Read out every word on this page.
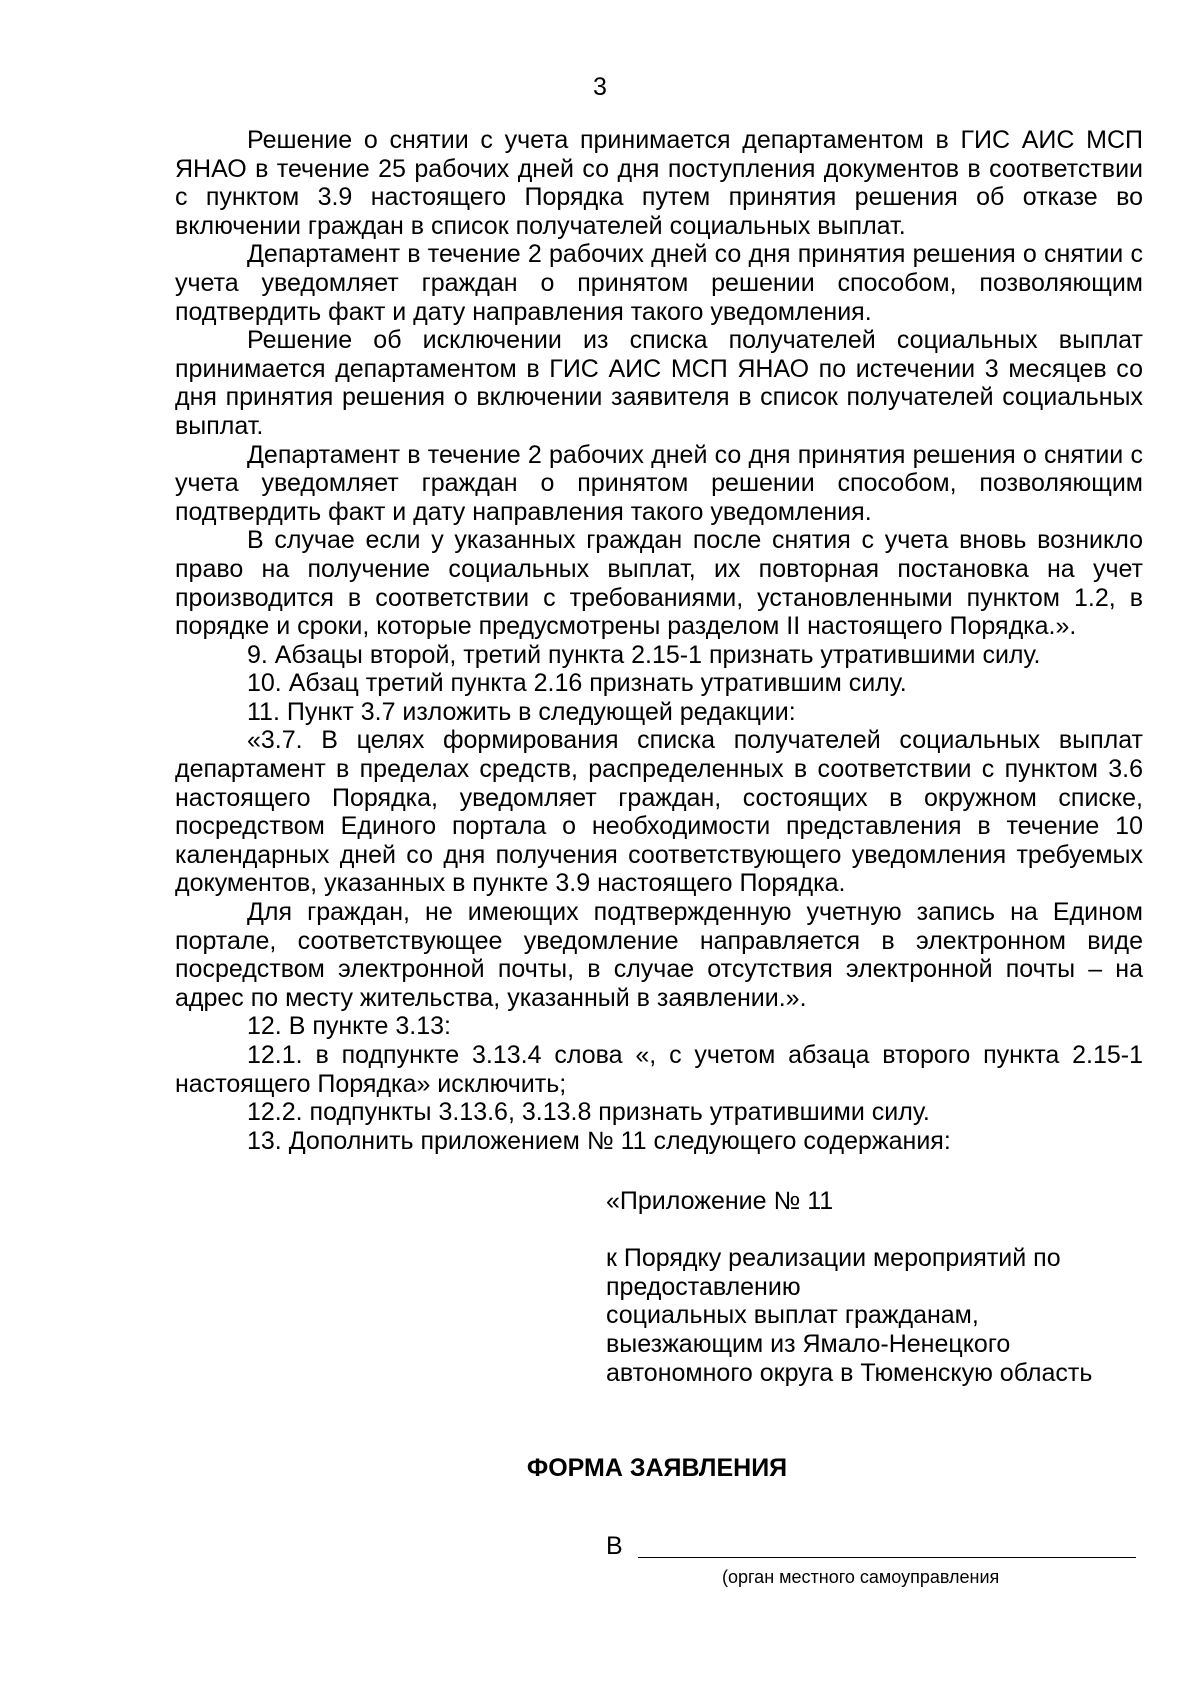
3

Решение о снятии с учета принимается департаментом в ГИС АИС МСП ЯНАО в течение 25 рабочих дней со дня поступления документов в соответствии с пунктом 3.9 настоящего Порядка путем принятия решения об отказе во включении граждан в список получателей социальных выплат.

Департамент в течение 2 рабочих дней со дня принятия решения о снятии с учета уведомляет граждан о принятом решении способом, позволяющим подтвердить факт и дату направления такого уведомления.

Решение об исключении из списка получателей социальных выплат принимается департаментом в ГИС АИС МСП ЯНАО по истечении 3 месяцев со дня принятия решения о включении заявителя в список получателей социальных выплат.

Департамент в течение 2 рабочих дней со дня принятия решения о снятии с учета уведомляет граждан о принятом решении способом, позволяющим подтвердить факт и дату направления такого уведомления.

В случае если у указанных граждан после снятия с учета вновь возникло право на получение социальных выплат, их повторная постановка на учет производится в соответствии с требованиями, установленными пунктом 1.2, в порядке и сроки, которые предусмотрены разделом II настоящего Порядка.».

9. Абзацы второй, третий пункта 2.15-1 признать утратившими силу.

10. Абзац третий пункта 2.16 признать утратившим силу.

11. Пункт 3.7 изложить в следующей редакции:

«3.7. В целях формирования списка получателей социальных выплат департамент в пределах средств, распределенных в соответствии с пунктом 3.6 настоящего Порядка, уведомляет граждан, состоящих в окружном списке, посредством Единого портала о необходимости представления в течение 10 календарных дней со дня получения соответствующего уведомления требуемых документов, указанных в пункте 3.9 настоящего Порядка.

Для граждан, не имеющих подтвержденную учетную запись на Едином портале, соответствующее уведомление направляется в электронном виде посредством электронной почты, в случае отсутствия электронной почты – на адрес по месту жительства, указанный в заявлении.».

12. В пункте 3.13:

12.1. в подпункте 3.13.4 слова «, с учетом абзаца второго пункта 2.15-1 настоящего Порядка» исключить;

12.2. подпункты 3.13.6, 3.13.8 признать утратившими силу.

13. Дополнить приложением № 11 следующего содержания:

«Приложение № 11
к Порядку реализации мероприятий по
предоставлению
социальных выплат гражданам,
выезжающим из Ямало-Ненецкого
автономного округа в Тюменскую область
ФОРМА ЗАЯВЛЕНИЯ
В
(орган местного самоуправления
